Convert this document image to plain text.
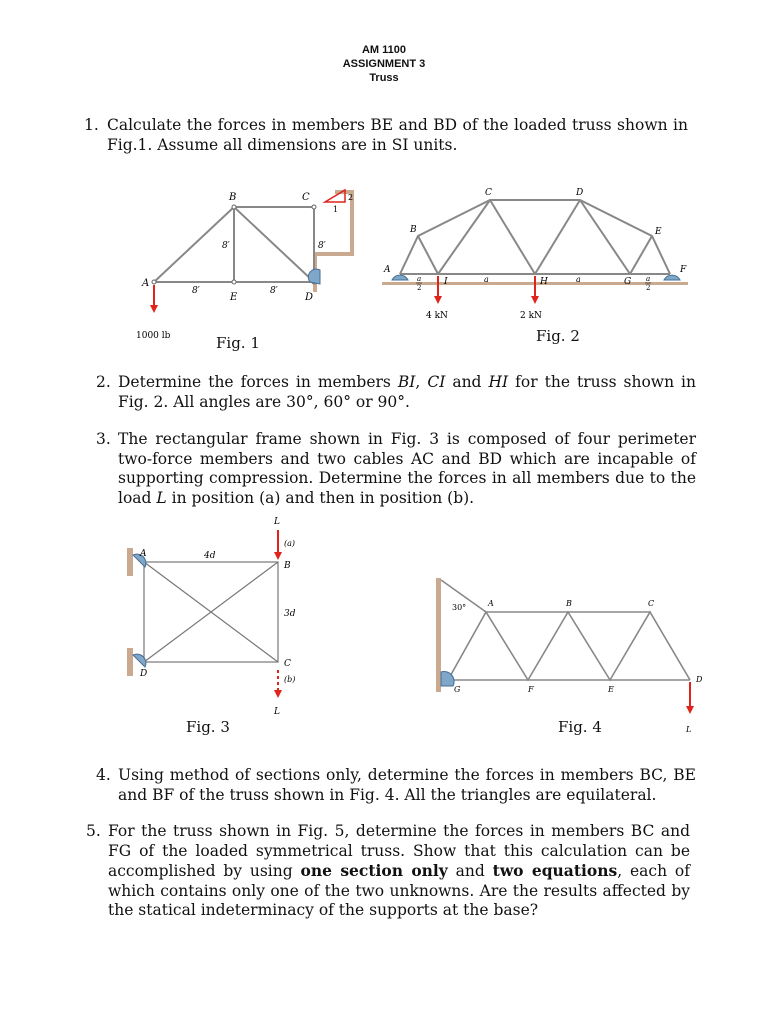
AM 1100
ASSIGNMENT 3
Truss
1. Calculate the forces in members BE and BD of the loaded truss shown in Fig.1. Assume all dimensions are in SI units.
2
1
A
B	C
D
E
8′	8′
8′	8′
1000 lb	Fig. 1
A
B
C	D
E
F
G
H
I	a	a
a
2
a
2
4 kN	2 kN
Fig. 2
2. Determine the forces in members BI, CI and HI for the truss shown in Fig. 2. All angles are 30°, 60° or 90°.
3. The rectangular frame shown in Fig. 3 is composed of four perimeter two-force members and two cables AC and BD which are incapable of supporting compression. Determine the forces in all members due to the load L in position (a) and then in position (b).
L
L
(a)
(b)
A
B
C
D
4d
3d
Fig. 3
30°	A	B	C
D
E
F
G
L
Fig. 4
4. Using method of sections only, determine the forces in members BC, BE and BF of the truss shown in Fig. 4. All the triangles are equilateral.
5. For the truss shown in Fig. 5, determine the forces in members BC and FG of the loaded symmetrical truss. Show that this calculation can be accomplished by using one section only and two equations, each of which contains only one of the two unknowns. Are the results affected by the statical indeterminacy of the supports at the base?
